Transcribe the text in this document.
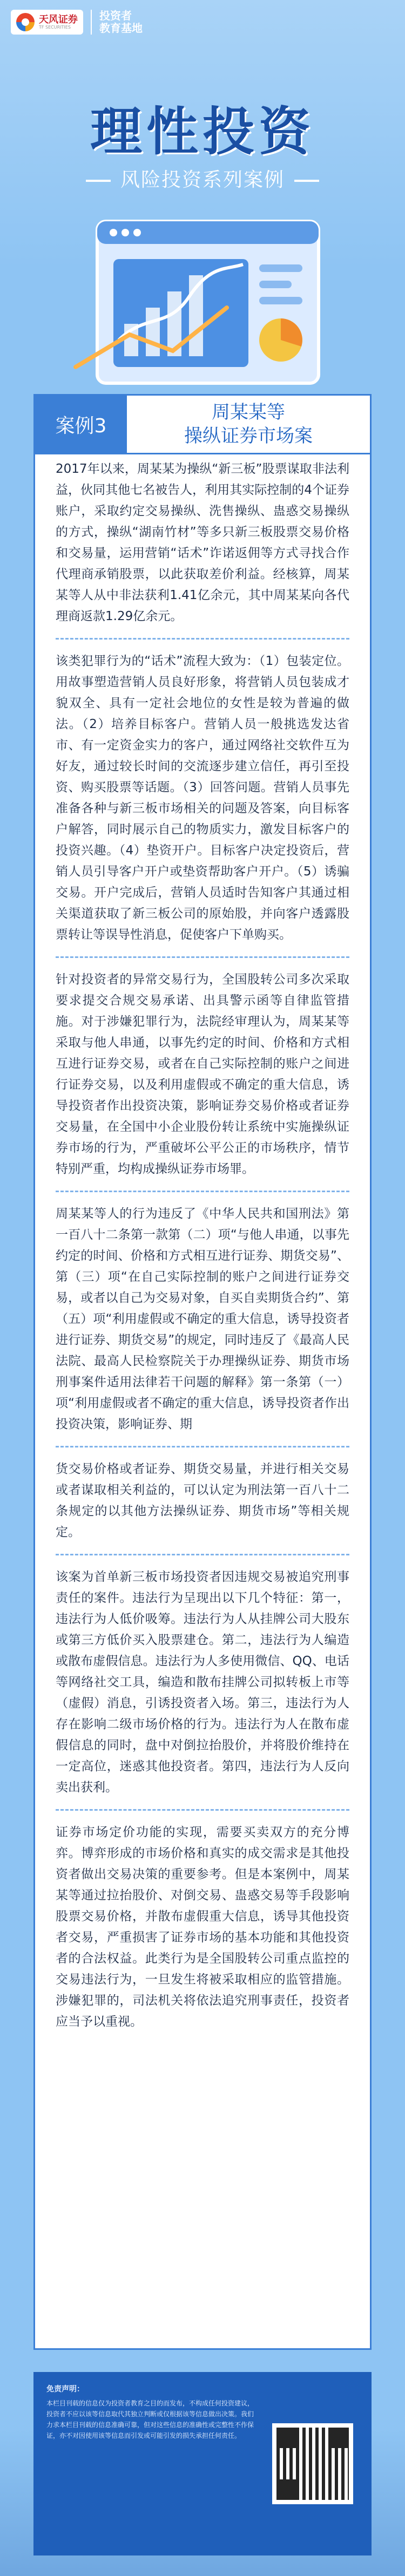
天风证券
TF SECURITIES
投资者
教育基地
理性投资
风险投资系列案例
案例3
周某某等
操纵证券市场案

2017年以来，周某某为操纵“新三板”股票谋取非法利益，伙同其他七名被告人，利用其实际控制的4个证券账户，采取约定交易操纵、洗售操纵、蛊惑交易操纵的方式，操纵“湖南竹材”等多只新三板股票交易价格和交易量，运用营销“话术”诈诺返佣等方式寻找合作代理商承销股票，以此获取差价利益。经核算，周某某等人从中非法获利1.41亿余元，其中周某某向各代理商返款1.29亿余元。

该类犯罪行为的“话术”流程大致为：（1）包装定位。用故事塑造营销人员良好形象，将营销人员包装成才貌双全、具有一定社会地位的女性是较为普遍的做法。（2）培养目标客户。营销人员一般挑选发达省市、有一定资金实力的客户，通过网络社交软件互为好友，通过较长时间的交流逐步建立信任，再引至投资、购买股票等话题。（3）回答问题。营销人员事先准备各种与新三板市场相关的问题及答案，向目标客户解答，同时展示自己的物质实力，激发目标客户的投资兴趣。（4）垫资开户。目标客户决定投资后，营销人员引导客户开户或垫资帮助客户开户。（5）诱骗交易。开户完成后，营销人员适时告知客户其通过相关渠道获取了新三板公司的原始股，并向客户透露股票转让等误导性消息，促使客户下单购买。

针对投资者的异常交易行为，全国股转公司多次采取要求提交合规交易承诺、出具警示函等自律监管措施。对于涉嫌犯罪行为，法院经审理认为，周某某等采取与他人串通，以事先约定的时间、价格和方式相互进行证券交易，或者在自己实际控制的账户之间进行证券交易，以及利用虚假或不确定的重大信息，诱导投资者作出投资决策，影响证券交易价格或者证券交易量，在全国中小企业股份转让系统中实施操纵证券市场的行为，严重破坏公平公正的市场秩序，情节特别严重，均构成操纵证券市场罪。

周某某等人的行为违反了《中华人民共和国刑法》第一百八十二条第一款第（二）项“与他人串通，以事先约定的时间、价格和方式相互进行证券、期货交易”、第（三）项“在自己实际控制的账户之间进行证券交易，或者以自己为交易对象，自买自卖期货合约”、第（五）项“利用虚假或不确定的重大信息，诱导投资者进行证券、期货交易”的规定，同时违反了《最高人民法院、最高人民检察院关于办理操纵证券、期货市场刑事案件适用法律若干问题的解释》第一条第（一）项“利用虚假或者不确定的重大信息，诱导投资者作出投资决策，影响证券、期

货交易价格或者证券、期货交易量，并进行相关交易或者谋取相关利益的，可以认定为刑法第一百八十二条规定的以其他方法操纵证券、期货市场”等相关规定。

该案为首单新三板市场投资者因违规交易被追究刑事责任的案件。违法行为呈现出以下几个特征：第一，违法行为人低价吸筹。违法行为人从挂牌公司大股东或第三方低价买入股票建仓。第二，违法行为人编造或散布虚假信息。违法行为人多使用微信、QQ、电话等网络社交工具，编造和散布挂牌公司拟转板上市等（虚假）消息，引诱投资者入场。第三，违法行为人存在影响二级市场价格的行为。违法行为人在散布虚假信息的同时，盘中对倒拉抬股价，并将股价维持在一定高位，迷惑其他投资者。第四，违法行为人反向卖出获利。

证券市场定价功能的实现，需要买卖双方的充分博弈。博弈形成的市场价格和真实的成交需求是其他投资者做出交易决策的重要参考。但是本案例中，周某某等通过拉抬股价、对倒交易、蛊惑交易等手段影响股票交易价格，并散布虚假重大信息，诱导其他投资者交易，严重损害了证券市场的基本功能和其他投资者的合法权益。此类行为是全国股转公司重点监控的交易违法行为，一旦发生将被采取相应的监管措施。涉嫌犯罪的，司法机关将依法追究刑事责任，投资者应当予以重视。

免责声明：
本栏目刊载的信息仅为投资者教育之目的而发布，不构成任何投资建议，投资者不应以该等信息取代其独立判断或仅根据该等信息做出决策。我们力求本栏目刊载的信息准确可靠，但对这些信息的准确性或完整性不作保证，亦不对因使用该等信息而引发或可能引发的损失承担任何责任。
